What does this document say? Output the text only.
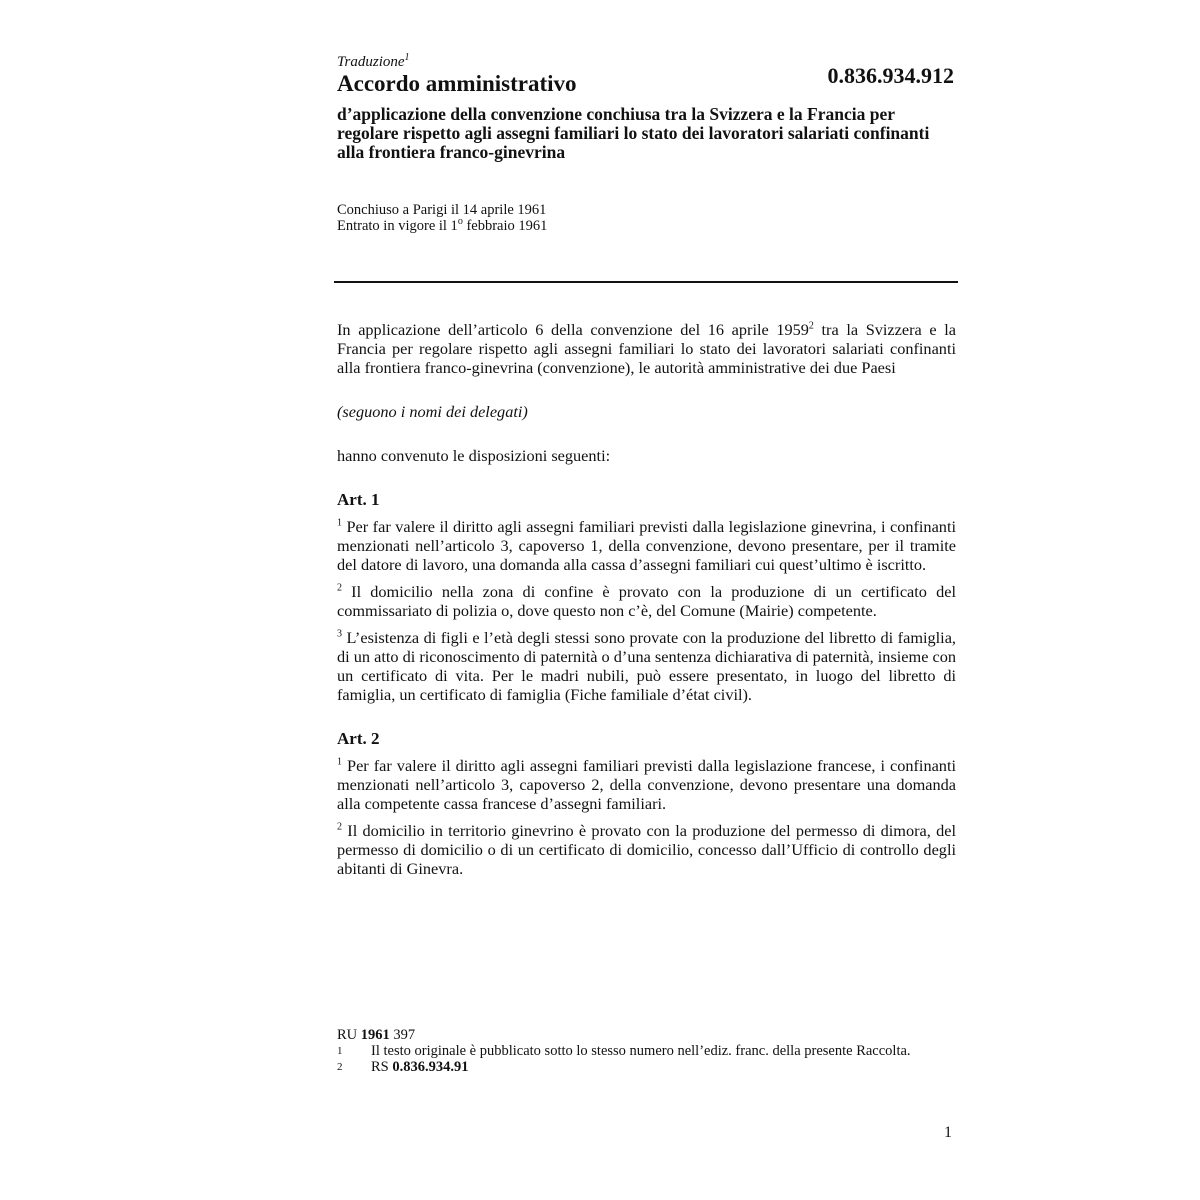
Traduzione$^1$
Accordo amministrativo	0.836.934.912
d’applicazione della convenzione conchiusa tra la Svizzera e la Francia per regolare rispetto agli assegni familiari lo stato dei lavoratori salariati confinanti alla frontiera franco-ginevrina
Conchiuso a Parigi il 14 aprile 1961
Entrato in vigore il 1$^o$ febbraio 1961

In applicazione dell’articolo 6 della convenzione del 16 aprile 1959$^2$ tra la Svizzera e la Francia per regolare rispetto agli assegni familiari lo stato dei lavoratori salariati confinanti alla frontiera franco-ginevrina (convenzione), le autorità amministrative dei due Paesi

(seguono i nomi dei delegati)

hanno convenuto le disposizioni seguenti:

Art. 1

$^1$ Per far valere il diritto agli assegni familiari previsti dalla legislazione ginevrina, i confinanti menzionati nell’articolo 3, capoverso 1, della convenzione, devono presentare, per il tramite del datore di lavoro, una domanda alla cassa d’assegni familiari cui quest’ultimo è iscritto.

$^2$ Il domicilio nella zona di confine è provato con la produzione di un certificato del commissariato di polizia o, dove questo non c’è, del Comune (Mairie) competente.

$^3$ L’esistenza di figli e l’età degli stessi sono provate con la produzione del libretto di famiglia, di un atto di riconoscimento di paternità o d’una sentenza dichiarativa di paternità, insieme con un certificato di vita. Per le madri nubili, può essere presentato, in luogo del libretto di famiglia, un certificato di famiglia (Fiche familiale d’état civil).

Art. 2

$^1$ Per far valere il diritto agli assegni familiari previsti dalla legislazione francese, i confinanti menzionati nell’articolo 3, capoverso 2, della convenzione, devono presentare una domanda alla competente cassa francese d’assegni familiari.

$^2$ Il domicilio in territorio ginevrino è provato con la produzione del permesso di dimora, del permesso di domicilio o di un certificato di domicilio, concesso dall’Ufficio di controllo degli abitanti di Ginevra.

RU 1961 397
1	Il testo originale è pubblicato sotto lo stesso numero nell’ediz. franc. della presente Raccolta.
2	RS 0.836.934.91
1
